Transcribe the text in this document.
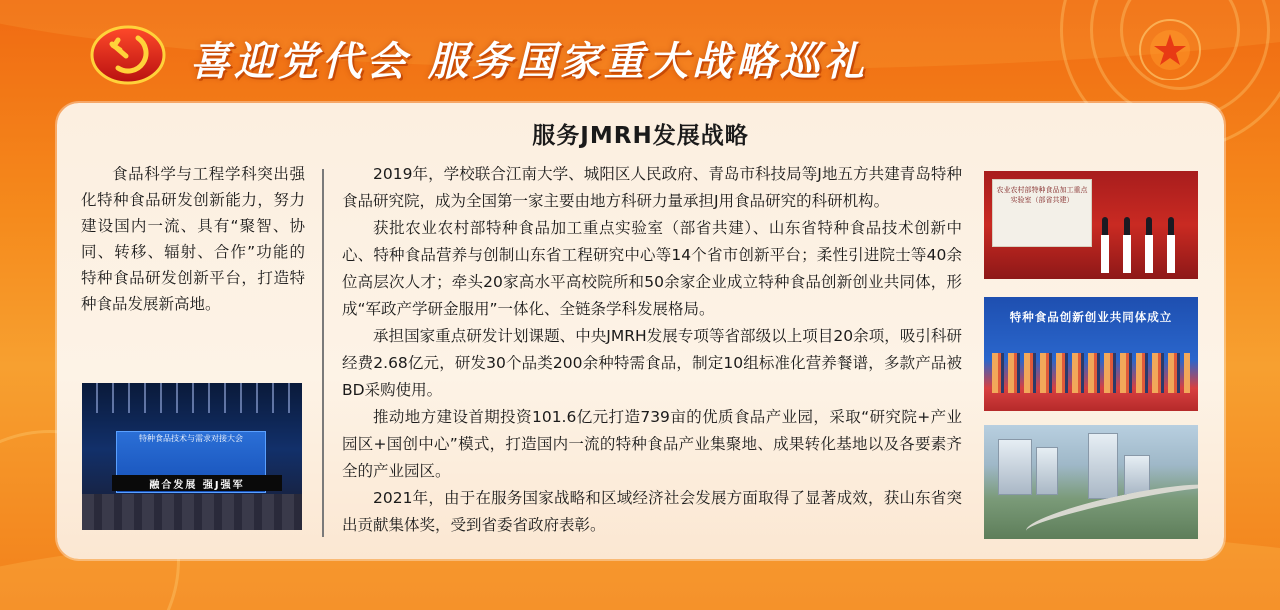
喜迎党代会 服务国家重大战略巡礼
服务JMRH发展战略

食品科学与工程学科突出强化特种食品研发创新能力，努力建设国内一流、具有“聚智、协同、转移、辐射、合作”功能的特种食品研发创新平台，打造特种食品发展新高地。

特种食品技术与需求对接大会
融合发展 强J强军

2019年，学校联合江南大学、城阳区人民政府、青岛市科技局等J地五方共建青岛特种食品研究院，成为全国第一家主要由地方科研力量承担J用食品研究的科研机构。

获批农业农村部特种食品加工重点实验室（部省共建）、山东省特种食品技术创新中心、特种食品营养与创制山东省工程研究中心等14个省市创新平台；柔性引进院士等40余位高层次人才；牵头20家高水平高校院所和50余家企业成立特种食品创新创业共同体，形成“军政产学研金服用”一体化、全链条学科发展格局。

承担国家重点研发计划课题、中央JMRH发展专项等省部级以上项目20余项，吸引科研经费2.68亿元，研发30个品类200余种特需食品，制定10组标准化营养餐谱，多款产品被BD采购使用。

推动地方建设首期投资101.6亿元打造739亩的优质食品产业园，采取“研究院+产业园区+国创中心”模式，打造国内一流的特种食品产业集聚地、成果转化基地以及各要素齐全的产业园区。

2021年，由于在服务国家战略和区域经济社会发展方面取得了显著成效，获山东省突出贡献集体奖，受到省委省政府表彰。

农业农村部特种食品加工重点实验室（部省共建）
特种食品创新创业共同体成立
